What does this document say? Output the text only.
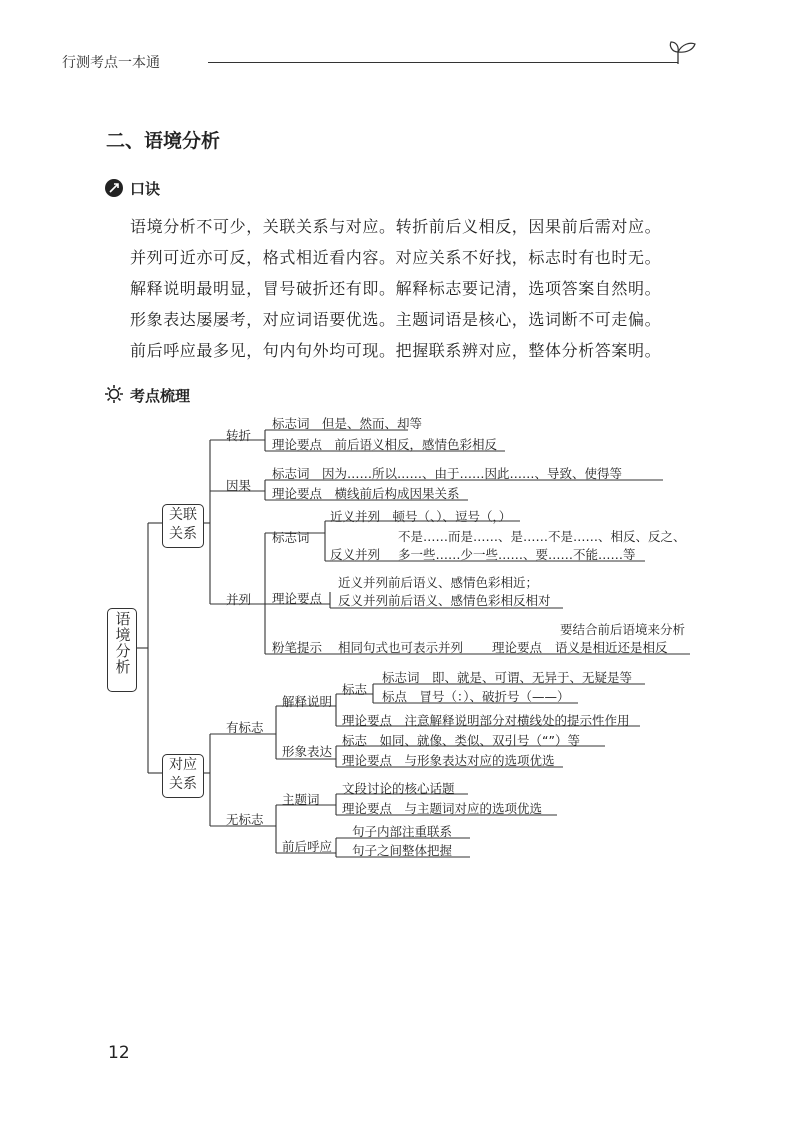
行测考点一本通
二、语境分析
口诀
语境分析不可少，关联关系与对应。转折前后义相反，因果前后需对应。
并列可近亦可反，格式相近看内容。对应关系不好找，标志时有也时无。
解释说明最明显，冒号破折还有即。解释标志要记清，选项答案自然明。
形象表达屡屡考，对应词语要优选。主题词语是核心，选词断不可走偏。
前后呼应最多见，句内句外均可现。把握联系辨对应，整体分析答案明。
考点梳理
语境分析
关联关系
对应关系
转折
标志词　但是、然而、却等
理论要点　前后语义相反，感情色彩相反
因果
标志词　因为……所以……、由于……因此……、导致、使得等
理论要点　横线前后构成因果关系
并列
标志词
近义并列　顿号（、）、逗号（，）
不是……而是……、是……不是……、相反、反之、
反义并列 多一些……少一些……、要……不能……等
理论要点
近义并列前后语义、感情色彩相近；
反义并列前后语义、感情色彩相反相对
粉笔提示 相同句式也可表示并列 理论要点
要结合前后语境来分析
语义是相近还是相反
有标志
解释说明
标志
标志词　即、就是、可谓、无异于、无疑是等
标点　冒号（：）、破折号（——）
理论要点　注意解释说明部分对横线处的提示性作用
形象表达
标志　如同、就像、类似、双引号（“”）等
理论要点　与形象表达对应的选项优选
无标志
主题词
文段讨论的核心话题
理论要点　与主题词对应的选项优选
前后呼应
句子内部注重联系
句子之间整体把握
12
